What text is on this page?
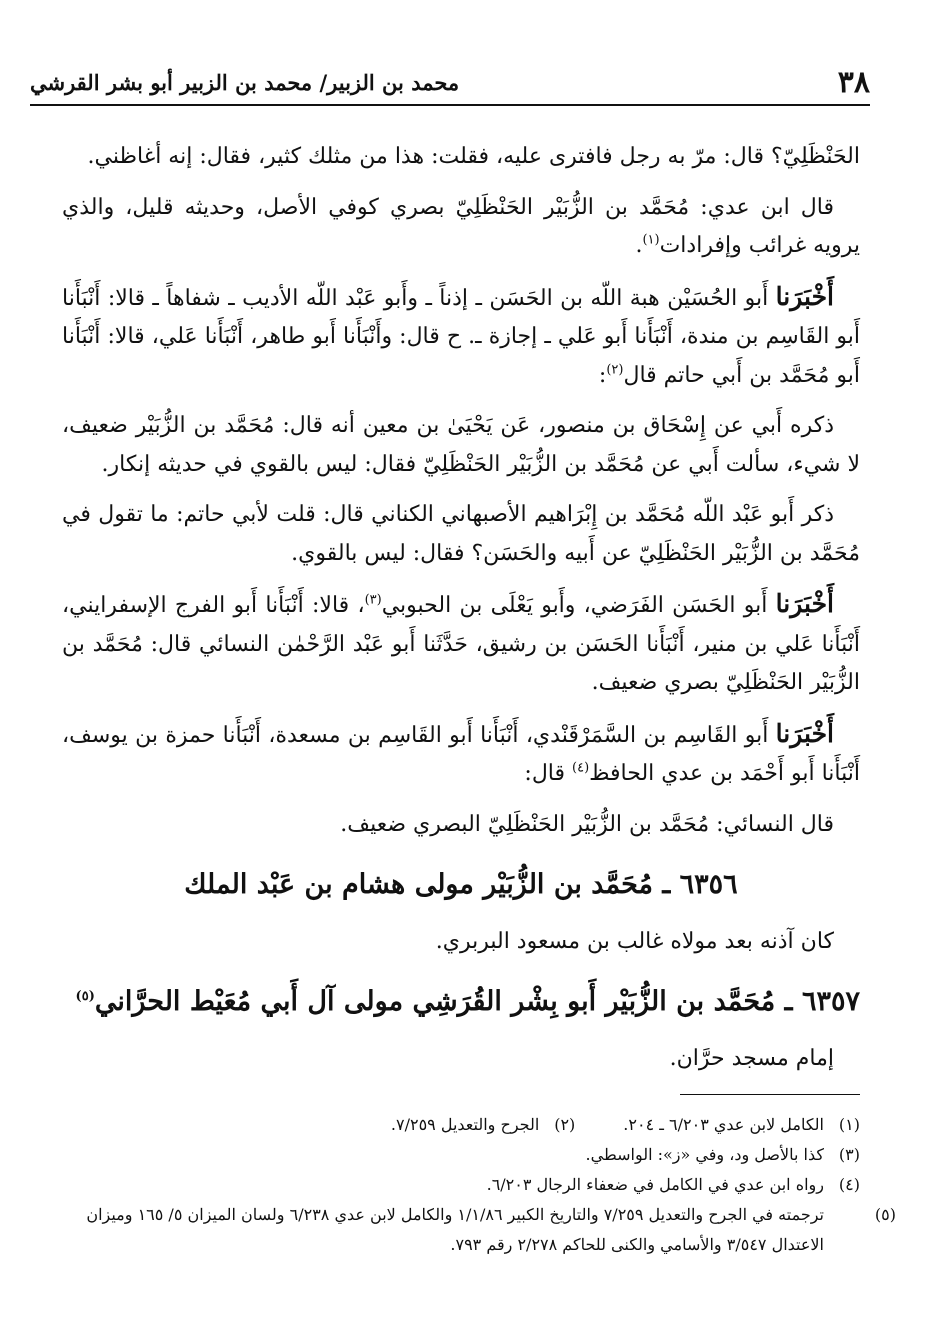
٣٨
محمد بن الزبير/ محمد بن الزبير أبو بشر القرشي

الحَنْظَلِيّ؟ قال: مرّ به رجل فافترى عليه، فقلت: هذا من مثلك كثير، فقال: إنه أغاظني.

قال ابن عدي: مُحَمَّد بن الزُّبَيْر الحَنْظَلِيّ بصري كوفي الأصل، وحديثه قليل، والذي يرويه غرائب وإفرادات$^{(١)}$.

أَخْبَرَنا أَبو الحُسَيْن هبة اللّه بن الحَسَن ـ إذناً ـ وأَبو عَبْد اللّه الأديب ـ شفاهاً ـ قالا: أَنْبَأَنا أَبو القَاسِم بن مندة، أَنْبَأَنا أَبو عَلي ـ إجازة ـ. ح قال: وأَنْبَأَنا أَبو طاهر، أَنْبَأَنا عَلي، قالا: أَنْبَأَنا أَبو مُحَمَّد بن أَبي حاتم قال$^{(٢)}$:

ذكره أَبي عن إِسْحَاق بن منصور، عَن يَحْيَىٰ بن معين أنه قال: مُحَمَّد بن الزُّبَيْر ضعيف، لا شيء، سألت أَبي عن مُحَمَّد بن الزُّبَيْر الحَنْظَلِيّ فقال: ليس بالقوي في حديثه إنكار.

ذكر أَبو عَبْد اللّه مُحَمَّد بن إِبْرَاهيم الأصبهاني الكناني قال: قلت لأبي حاتم: ما تقول في مُحَمَّد بن الزُّبَيْر الحَنْظَلِيّ عن أَبيه والحَسَن؟ فقال: ليس بالقوي.

أَخْبَرَنا أَبو الحَسَن الفَرَضي، وأَبو يَعْلَى بن الحبوبي$^{(٣)}$، قالا: أَنْبَأَنا أَبو الفرج الإسفرايني، أَنْبَأَنا عَلي بن منير، أَنْبَأَنا الحَسَن بن رشيق، حَدَّثَنا أَبو عَبْد الرَّحْمٰن النسائي قال: مُحَمَّد بن الزُّبَيْر الحَنْظَلِيّ بصري ضعيف.

أَخْبَرَنا أَبو القَاسِم بن السَّمَرْقَنْدي، أَنْبَأَنا أَبو القَاسِم بن مسعدة، أَنْبَأَنا حمزة بن يوسف، أَنْبَأَنا أَبو أَحْمَد بن عدي الحافظ$^{(٤)}$ قال:

قال النسائي: مُحَمَّد بن الزُّبَيْر الحَنْظَلِيّ البصري ضعيف.

٦٣٥٦ ـ مُحَمَّد بن الزُّبَيْر مولى هشام بن عَبْد الملك

كان آذنه بعد مولاه غالب بن مسعود البربري.

٦٣٥٧ ـ مُحَمَّد بن الزُّبَيْر أَبو بِشْر القُرَشِي مولى آل أَبي مُعَيْط الحرَّاني$^{(٥)}$

إمام مسجد حرَّان.

(١)الكامل لابن عدي ٦/٢٠٣ ـ ٢٠٤.

(٢)الجرح والتعديل ٧/٢٥٩.

(٣)كذا بالأصل ود، وفي «ز»: الواسطي.

(٤)رواه ابن عدي في الكامل في ضعفاء الرجال ٦/٢٠٣.

(٥)ترجمته في الجرح والتعديل ٧/٢٥٩ والتاريخ الكبير ١/١/٨٦ والكامل لابن عدي ٦/٢٣٨ ولسان الميزان ٥/ ١٦٥ وميزان الاعتدال ٣/٥٤٧ والأسامي والكنى للحاكم ٢/٢٧٨ رقم ٧٩٣.
